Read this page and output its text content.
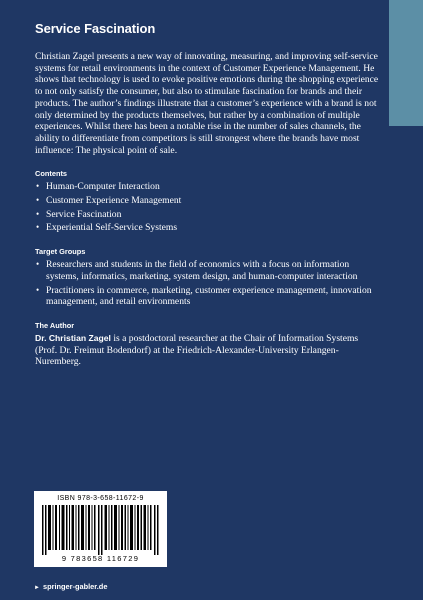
Service Fascination

Christian Zagel presents a new way of innovating, measuring, and improving self-service systems for retail environments in the context of Customer Experience Management. He shows that technology is used to evoke positive emotions during the shopping experience to not only satisfy the consumer, but also to stimulate fascination for brands and their products. The author’s findings illustrate that a customer’s experience with a brand is not only determined by the products themselves, but rather by a combination of multiple experiences. Whilst there has been a notable rise in the number of sales channels, the ability to differentiate from competitors is still strongest where the brands have most influence: The physical point of sale.

Contents
• Human-Computer Interaction
• Customer Experience Management
• Service Fascination
• Experiential Self-Service Systems
Target Groups
• Researchers and students in the field of economics with a focus on information systems, informatics, marketing, system design, and human-computer interaction
• Practitioners in commerce, marketing, customer experience management, innovation management, and retail environments
The Author

Dr. Christian Zagel is a postdoctoral researcher at the Chair of Information Systems (Prof. Dr. Freimut Bodendorf) at the Friedrich-Alexander-University Erlangen-Nuremberg.

ISBN 978-3-658-11672-9
9 783658 116729
► springer-gabler.de
